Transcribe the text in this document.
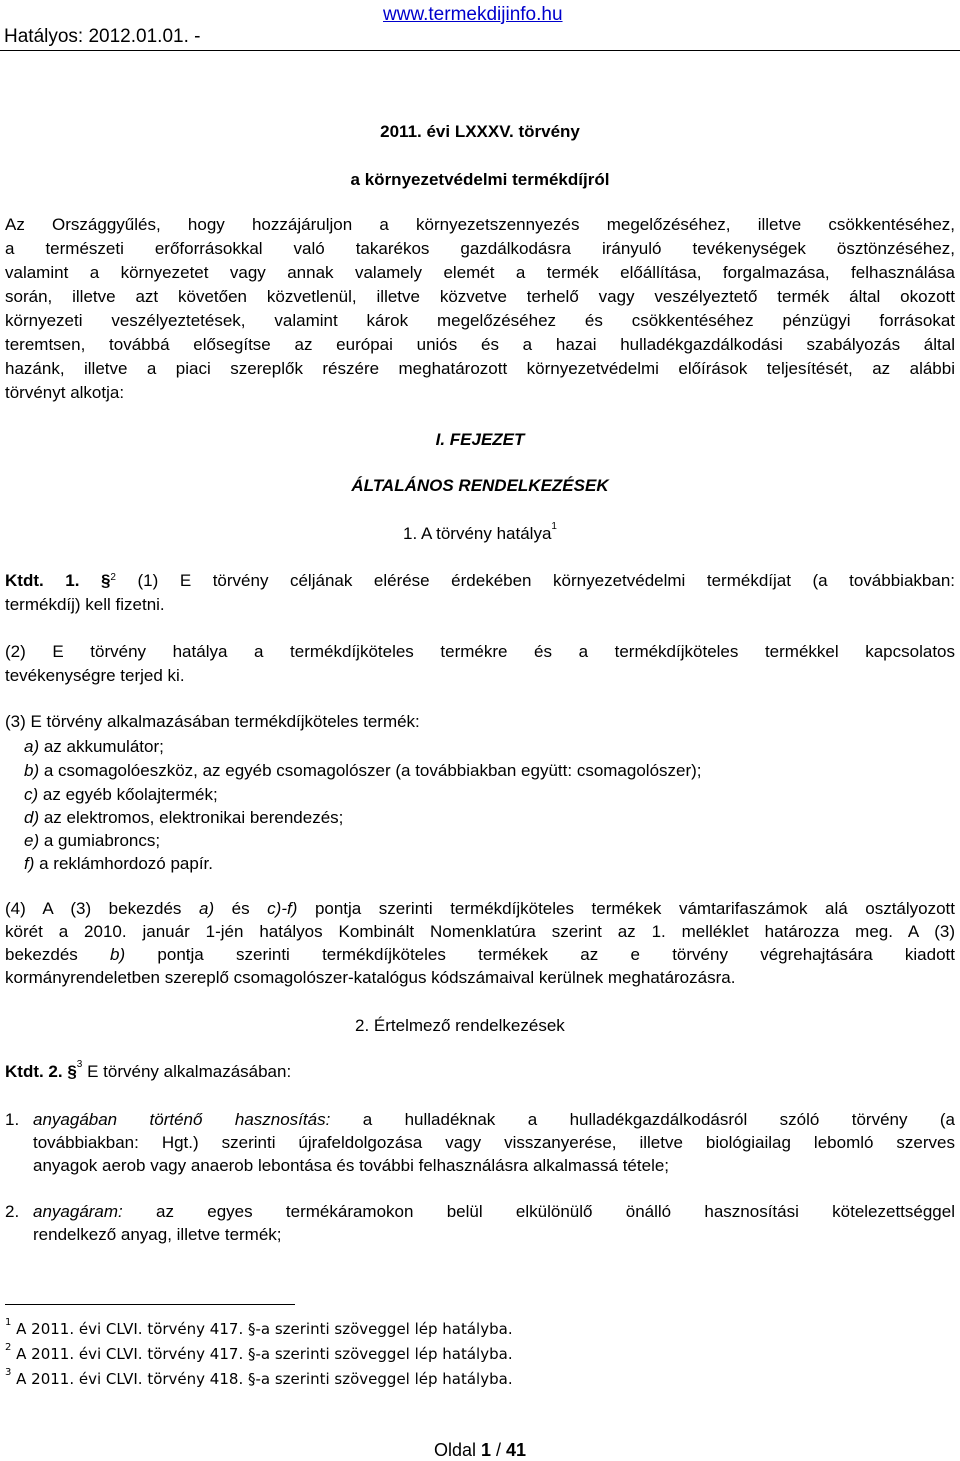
Hatályos: 2012.01.01. -
www.termekdijinfo.hu
2011. évi LXXXV. törvény
a környezetvédelmi termékdíjról

Az Országgyűlés, hogy hozzájáruljon a környezetszennyezés megelőzéséhez, illetve csökkentéséhez,

a természeti erőforrásokkal való takarékos gazdálkodásra irányuló tevékenységek ösztönzéséhez,

valamint a környezetet vagy annak valamely elemét a termék előállítása, forgalmazása, felhasználása

során, illetve azt követően közvetlenül, illetve közvetve terhelő vagy veszélyeztető termék által okozott

környezeti veszélyeztetések, valamint károk megelőzéséhez és csökkentéséhez pénzügyi forrásokat

teremtsen, továbbá elősegítse az európai uniós és a hazai hulladékgazdálkodási szabályozás által

hazánk, illetve a piaci szereplők részére meghatározott környezetvédelmi előírások teljesítését, az alábbi

törvényt alkotja:

I. FEJEZET
ÁLTALÁNOS RENDELKEZÉSEK
1. A törvény hatálya$^1$

Ktdt. 1. §$^2$ (1) E törvény céljának elérése érdekében környezetvédelmi termékdíjat (a továbbiakban:

termékdíj) kell fizetni.

(2) E törvény hatálya a termékdíjköteles termékre és a termékdíjköteles termékkel kapcsolatos

tevékenységre terjed ki.

(3) E törvény alkalmazásában termékdíjköteles termék:

a) az akkumulátor;
b) a csomagolóeszköz, az egyéb csomagolószer (a továbbiakban együtt: csomagolószer);
c) az egyéb kőolajtermék;
d) az elektromos, elektronikai berendezés;
e) a gumiabroncs;
f) a reklámhordozó papír.

(4) A (3) bekezdés a) és c)-f) pontja szerinti termékdíjköteles termékek vámtarifaszámok alá osztályozott

körét a 2010. január 1-jén hatályos Kombinált Nomenklatúra szerint az 1. melléklet határozza meg. A (3)

bekezdés b) pontja szerinti termékdíjköteles termékek az e törvény végrehajtására kiadott

kormányrendeletben szereplő csomagolószer-katalógus kódszámaival kerülnek meghatározásra.

2. Értelmező rendelkezések
Ktdt. 2. §$^3$ E törvény alkalmazásában:
1. anyagában történő hasznosítás: a hulladéknak a hulladékgazdálkodásról szóló törvény (a
továbbiakban: Hgt.) szerinti újrafeldolgozása vagy visszanyerése, illetve biológiailag lebomló szerves
anyagok aerob vagy anaerob lebontása és további felhasználásra alkalmassá tétele;
2. anyagáram: az egyes termékáramokon belül elkülönülő önálló hasznosítási kötelezettséggel
rendelkező anyag, illetve termék;
$^1$ A 2011. évi CLVI. törvény 417. §-a szerinti szöveggel lép hatályba.
$^2$ A 2011. évi CLVI. törvény 417. §-a szerinti szöveggel lép hatályba.
$^3$ A 2011. évi CLVI. törvény 418. §-a szerinti szöveggel lép hatályba.
Oldal 1 / 41
